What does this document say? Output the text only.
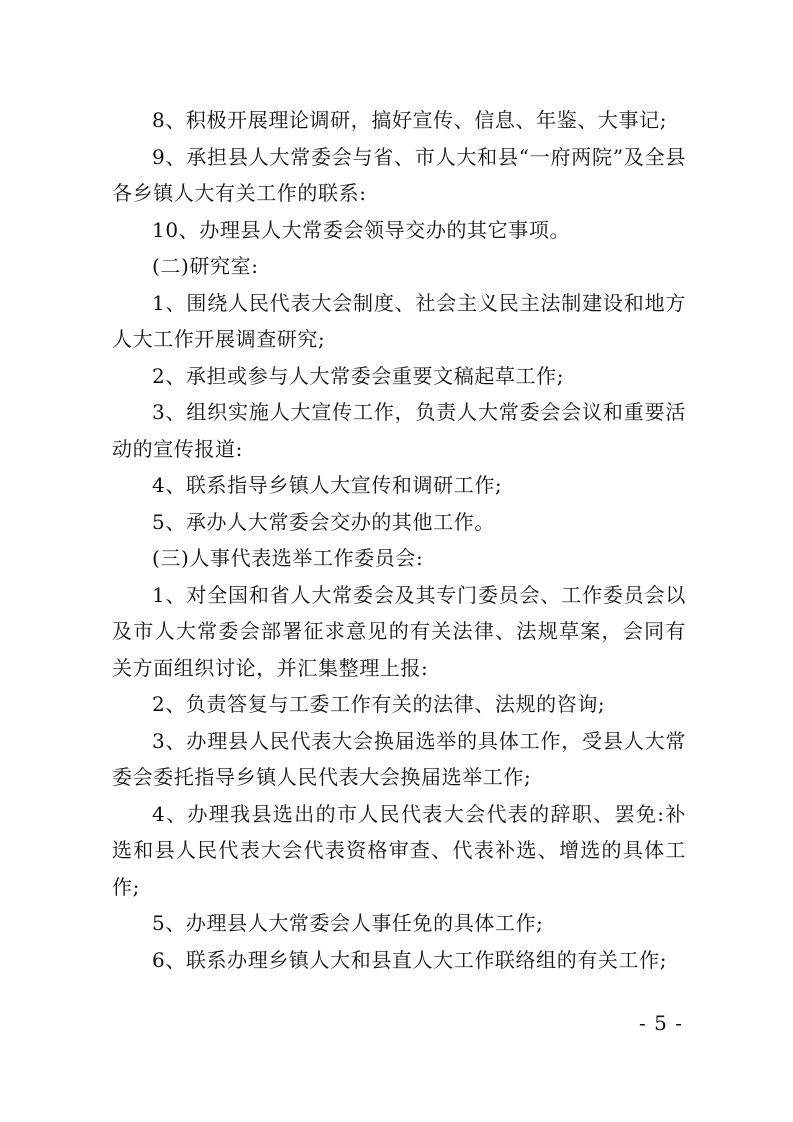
8、积极开展理论调研，搞好宣传、信息、年鉴、大事记;

9、承担县人大常委会与省、市人大和县“一府两院”及全县各乡镇人大有关工作的联系:

10、办理县人大常委会领导交办的其它事项。

(二)研究室:

1、围绕人民代表大会制度、社会主义民主法制建设和地方人大工作开展调查研究;

2、承担或参与人大常委会重要文稿起草工作;

3、组织实施人大宣传工作，负责人大常委会会议和重要活动的宣传报道:

4、联系指导乡镇人大宣传和调研工作;

5、承办人大常委会交办的其他工作。

(三)人事代表选举工作委员会:

1、对全国和省人大常委会及其专门委员会、工作委员会以及市人大常委会部署征求意见的有关法律、法规草案，会同有关方面组织讨论，并汇集整理上报:

2、负责答复与工委工作有关的法律、法规的咨询;

3、办理县人民代表大会换届选举的具体工作，受县人大常委会委托指导乡镇人民代表大会换届选举工作;

4、办理我县选出的市人民代表大会代表的辞职、罢免:补选和县人民代表大会代表资格审查、代表补选、增选的具体工作;

5、办理县人大常委会人事任免的具体工作;

6、联系办理乡镇人大和县直人大工作联络组的有关工作;

- 5 -
